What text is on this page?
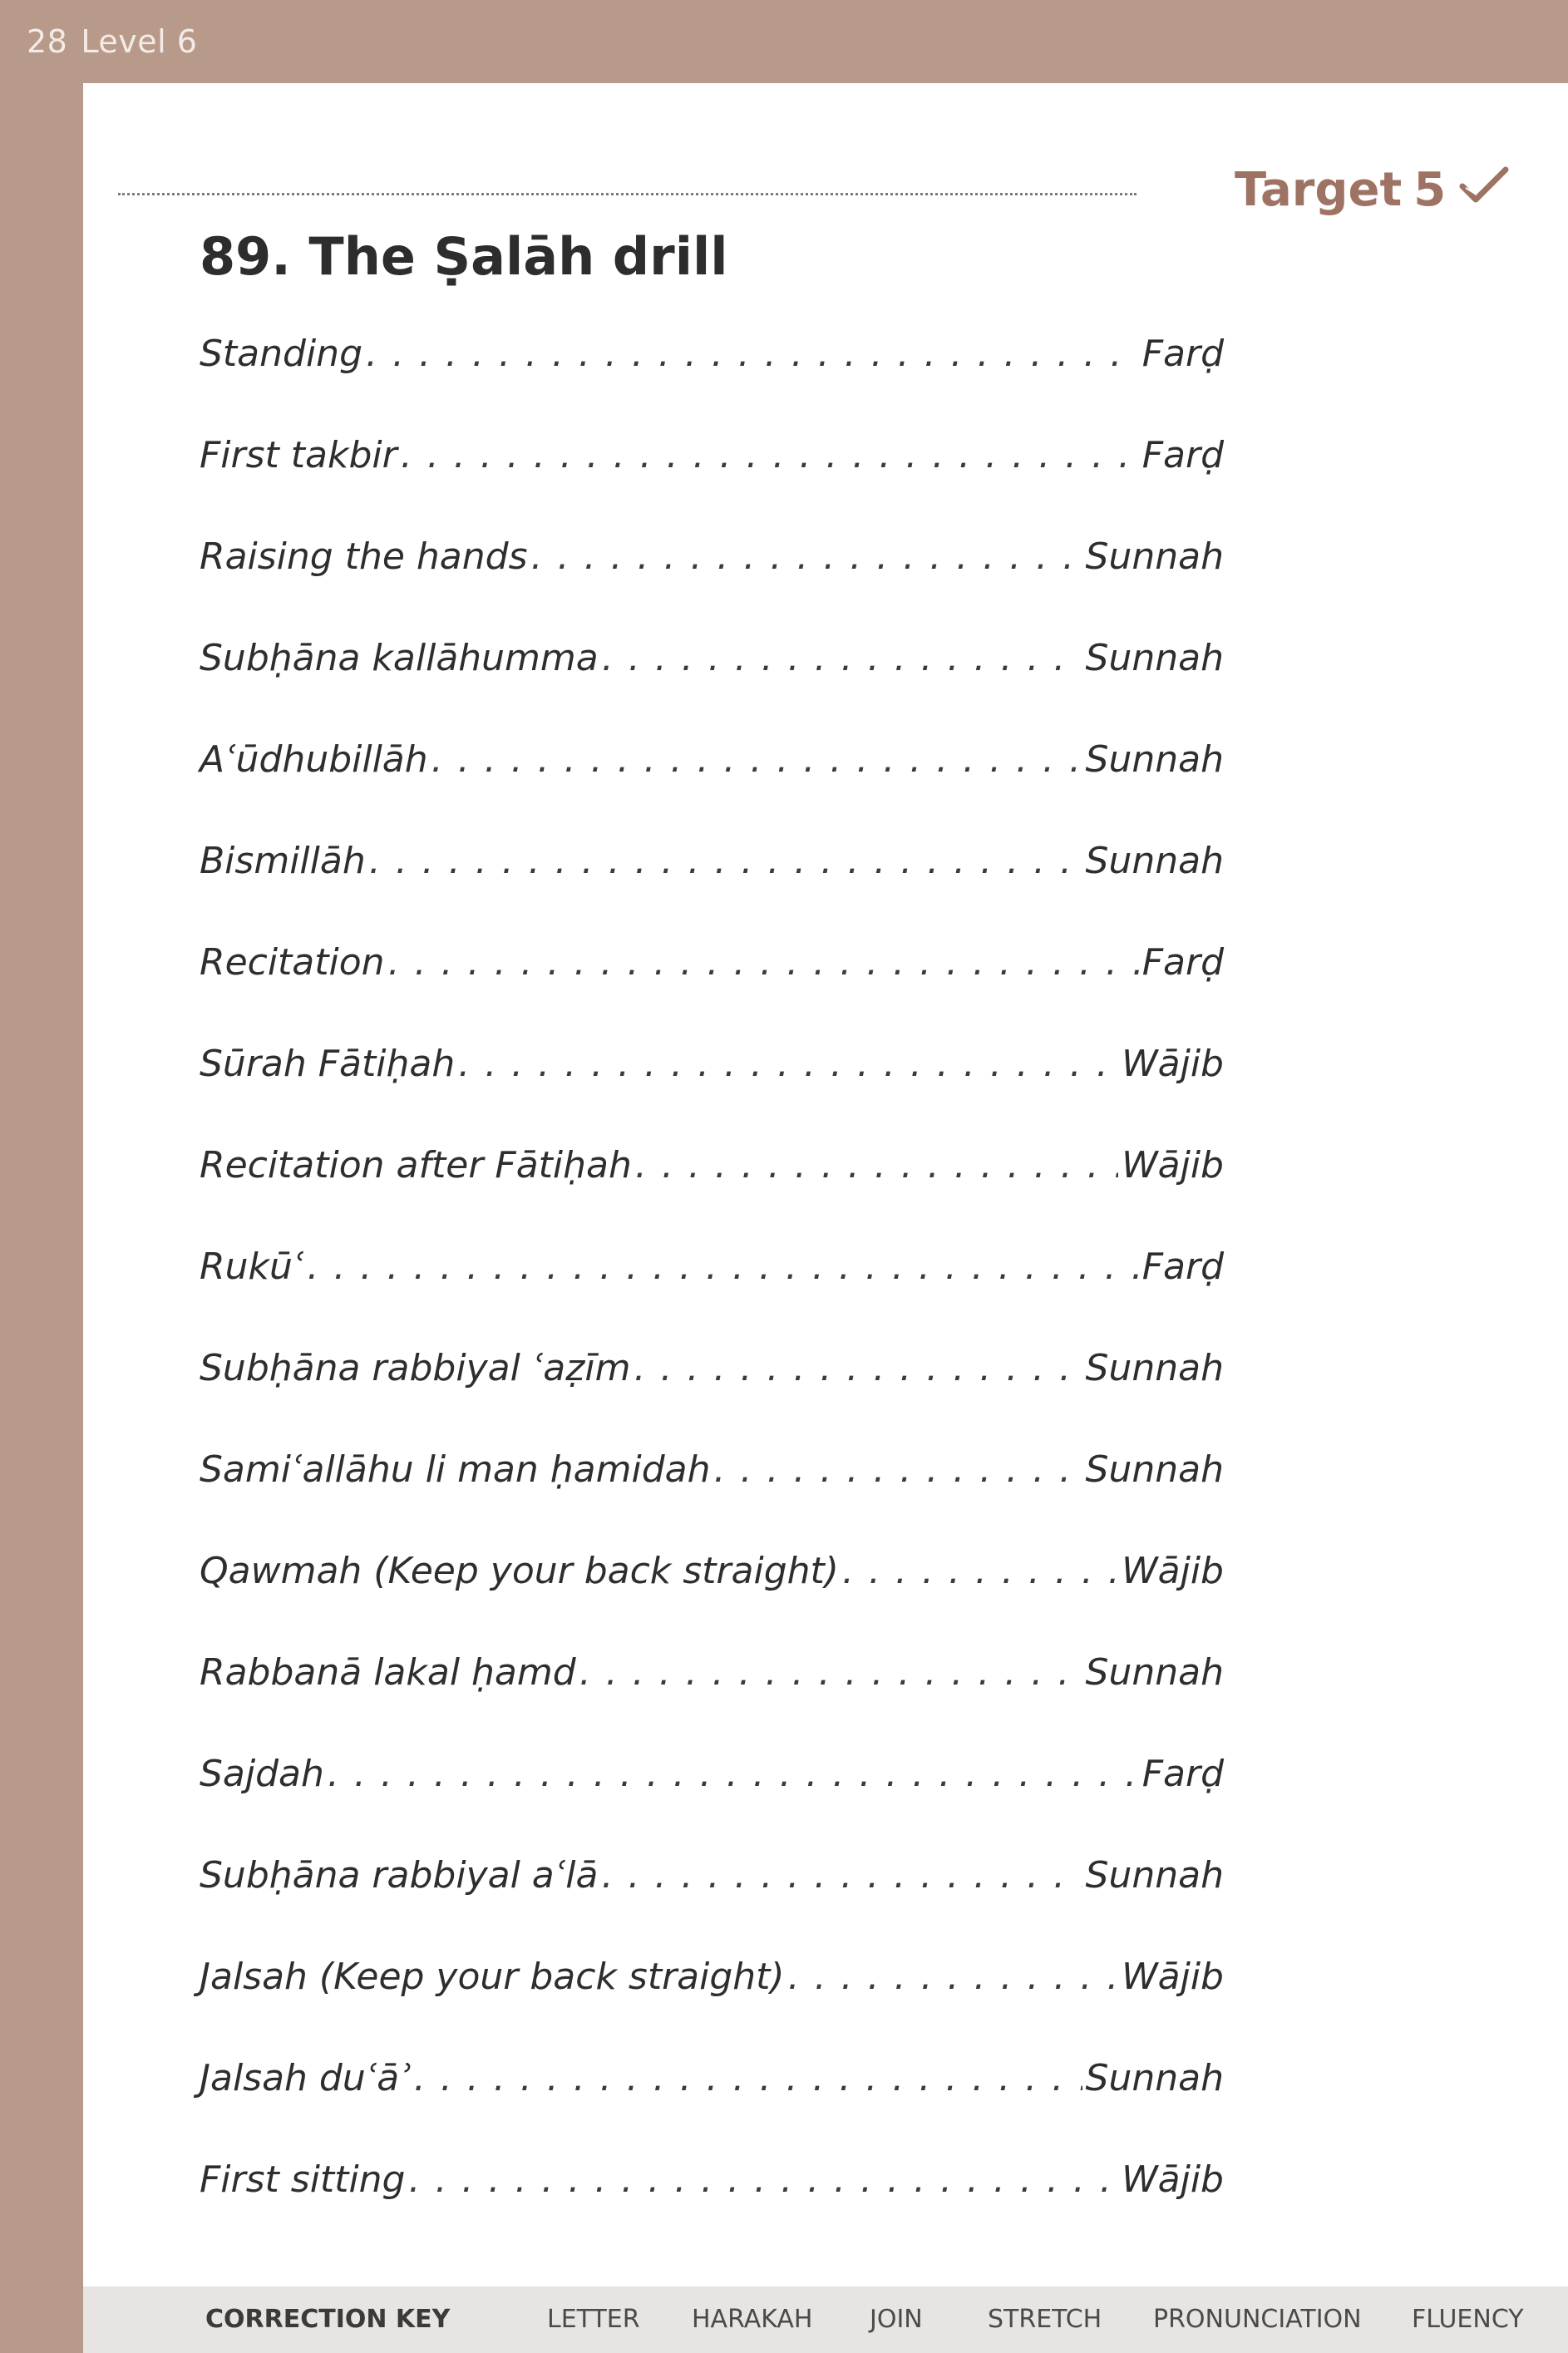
28 Level 6
Target 5
89. The Ṣalāh drill
Standing . . .	Farḍ
First takbir . . .	Farḍ
Raising the hands . . .	Sunnah
Subḥāna kallāhumma . . .	Sunnah
Aʿūdhubillāh . . .	Sunnah
Bismillāh . . .	Sunnah
Recitation . . .	Farḍ
Sūrah Fātiḥah . . .	Wājib
Recitation after Fātiḥah . . .	Wājib
Rukūʿ . . .	Farḍ
Subḥāna rabbiyal ʿaẓīm . . .	Sunnah
Samiʿallāhu li man ḥamidah . . .	Sunnah
Qawmah (Keep your back straight) . . .	Wājib
Rabbanā lakal ḥamd . . .	Sunnah
Sajdah . . .	Farḍ
Subḥāna rabbiyal aʿlā . . .	Sunnah
Jalsah (Keep your back straight) . . .	Wājib
Jalsah duʿāʾ . . .	Sunnah
First sitting . . .	Wājib
CORRECTION KEY	LETTER HARAKAH JOIN	STRETCH PRONUNCIATION FLUENCY
